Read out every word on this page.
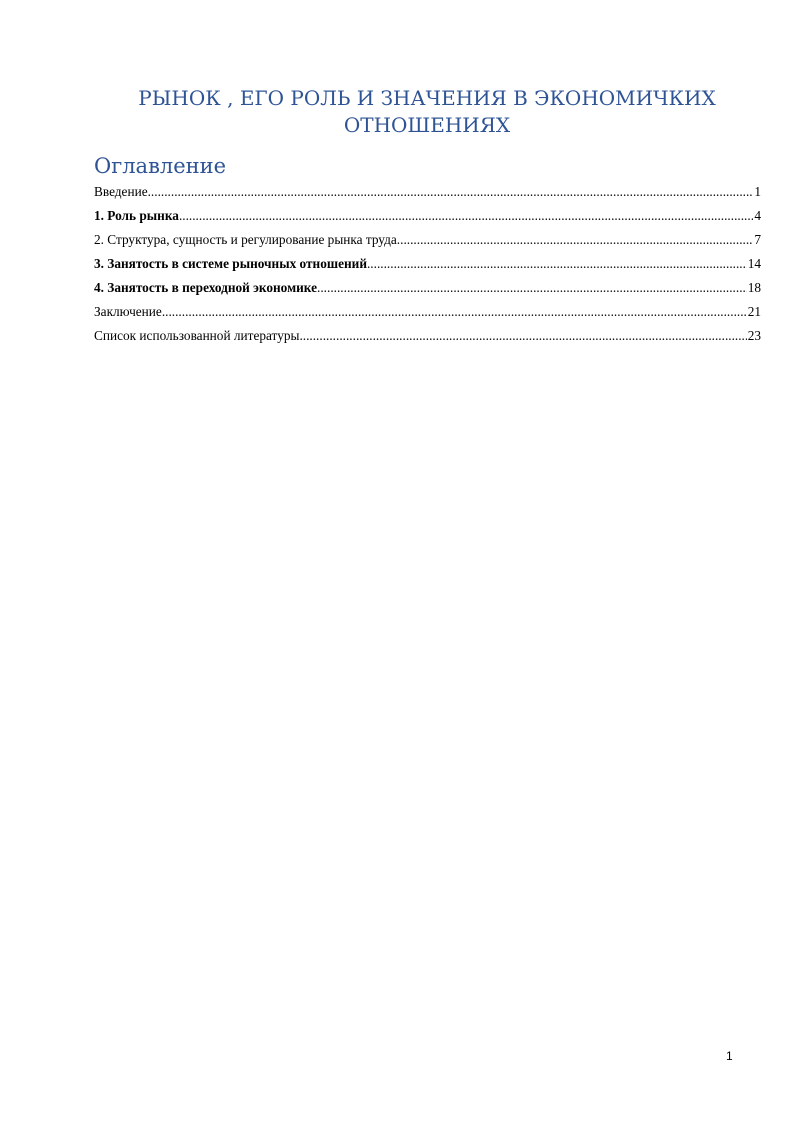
РЫНОК , ЕГО РОЛЬ И ЗНАЧЕНИЯ В ЭКОНОМИЧКИХ ОТНОШЕНИЯХ
Оглавление
Введение .....	1
1. Роль рынка .....	4
2. Структура, сущность и регулирование рынка труда .....	7
3. Занятость в системе рыночных отношений .....	14
4. Занятость в переходной экономике .....	18
Заключение .....	21
Список использованной литературы .....	23
1
